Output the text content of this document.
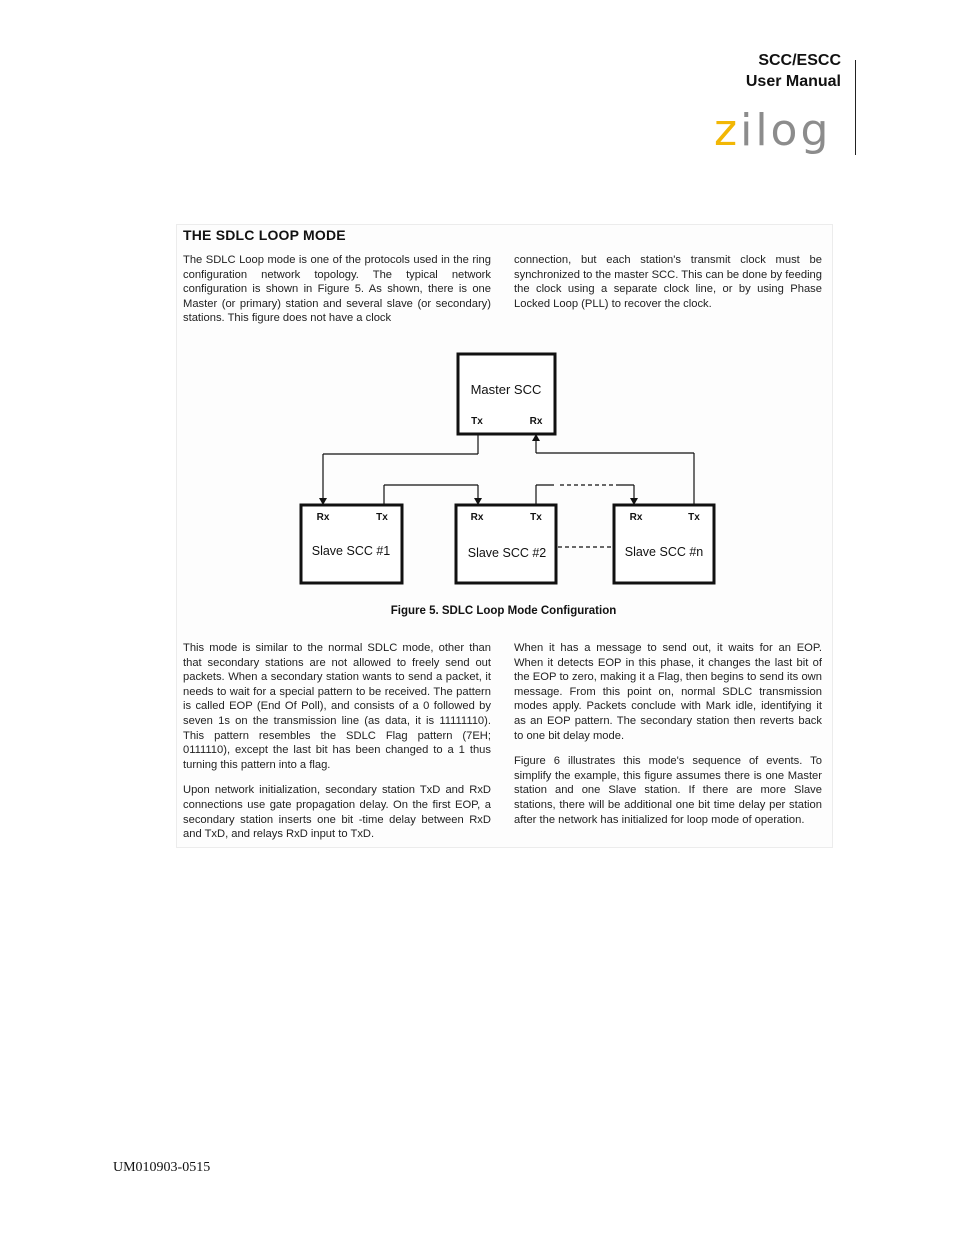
SCC/ESCC
User Manual
zilog
THE SDLC LOOP MODE

The SDLC Loop mode is one of the protocols used in the ring configuration network topology. The typical network configuration is shown in Figure 5. As shown, there is one Master (or primary) station and several slave (or secondary) stations. This figure does not have a clock

connection, but each station's transmit clock must be synchronized to the master SCC. This can be done by feeding the clock using a separate clock line, or by using Phase Locked Loop (PLL) to recover the clock.

Master SCC
Tx	Rx
Rx	Tx
Slave SCC #1
Rx	Tx
Slave SCC #2
Rx	Tx
Slave SCC #n
Figure 5. SDLC Loop Mode Configuration

This mode is similar to the normal SDLC mode, other than that secondary stations are not allowed to freely send out packets. When a secondary station wants to send a packet, it needs to wait for a special pattern to be received. The pattern is called EOP (End Of Poll), and consists of a 0 followed by seven 1s on the transmission line (as data, it is 11111110). This pattern resembles the SDLC Flag pattern (7EH; 0111110), except the last bit has been changed to a 1 thus turning this pattern into a flag.

Upon network initialization, secondary station TxD and RxD connections use gate propagation delay. On the first EOP, a secondary station inserts one bit -time delay between RxD and TxD, and relays RxD input to TxD.

When it has a message to send out, it waits for an EOP. When it detects EOP in this phase, it changes the last bit of the EOP to zero, making it a Flag, then begins to send its own message. From this point on, normal SDLC transmission modes apply. Packets conclude with Mark idle, identifying it as an EOP pattern. The secondary station then reverts back to one bit delay mode.

Figure 6 illustrates this mode's sequence of events. To simplify the example, this figure assumes there is one Master station and one Slave station. If there are more Slave stations, there will be additional one bit time delay per station after the network has initialized for loop mode of operation.

UM010903-0515
